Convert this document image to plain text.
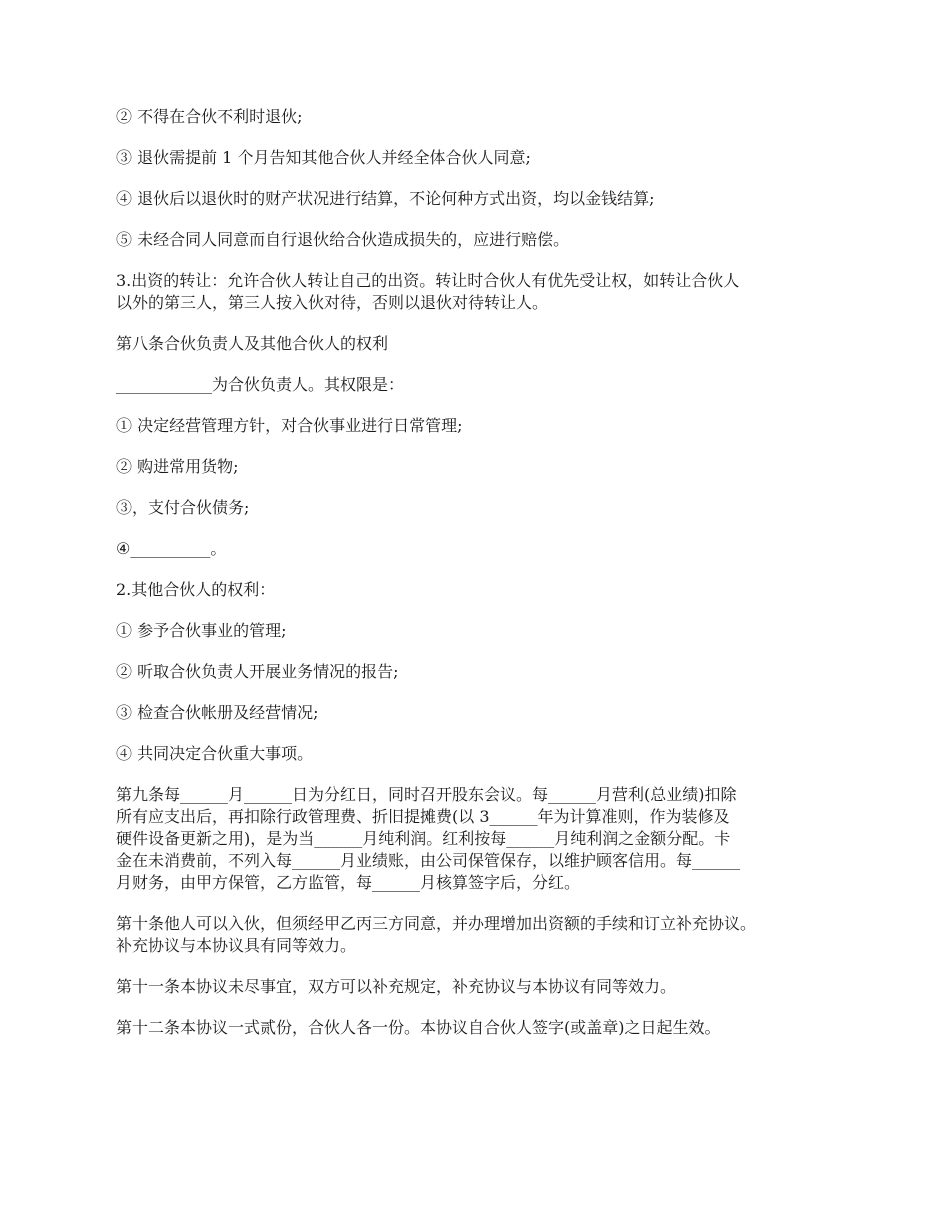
② 不得在合伙不利时退伙;

③ 退伙需提前 1 个月告知其他合伙人并经全体合伙人同意;

④ 退伙后以退伙时的财产状况进行结算，不论何种方式出资，均以金钱结算;

⑤ 未经合同人同意而自行退伙给合伙造成损失的，应进行赔偿。

3.出资的转让：允许合伙人转让自己的出资。转让时合伙人有优先受让权，如转让合伙人
以外的第三人，第三人按入伙对待，否则以退伙对待转让人。

第八条合伙负责人及其他合伙人的权利

____________为合伙负责人。其权限是：

① 决定经营管理方针，对合伙事业进行日常管理;

② 购进常用货物;

③，支付合伙债务;

④__________。

2.其他合伙人的权利：

① 参予合伙事业的管理;

② 听取合伙负责人开展业务情况的报告;

③ 检查合伙帐册及经营情况;

④ 共同决定合伙重大事项。

第九条每______月______日为分红日，同时召开股东会议。每______月营利(总业绩)扣除
所有应支出后，再扣除行政管理费、折旧提摊费(以 3______年为计算准则，作为装修及
硬件设备更新之用)，是为当______月纯利润。红利按每______月纯利润之金额分配。卡
金在未消费前，不列入每______月业绩账，由公司保管保存，以维护顾客信用。每______
月财务，由甲方保管，乙方监管，每______月核算签字后，分红。

第十条他人可以入伙，但须经甲乙丙三方同意，并办理增加出资额的手续和订立补充协议。
补充协议与本协议具有同等效力。

第十一条本协议未尽事宜，双方可以补充规定，补充协议与本协议有同等效力。

第十二条本协议一式贰份，合伙人各一份。本协议自合伙人签字(或盖章)之日起生效。
